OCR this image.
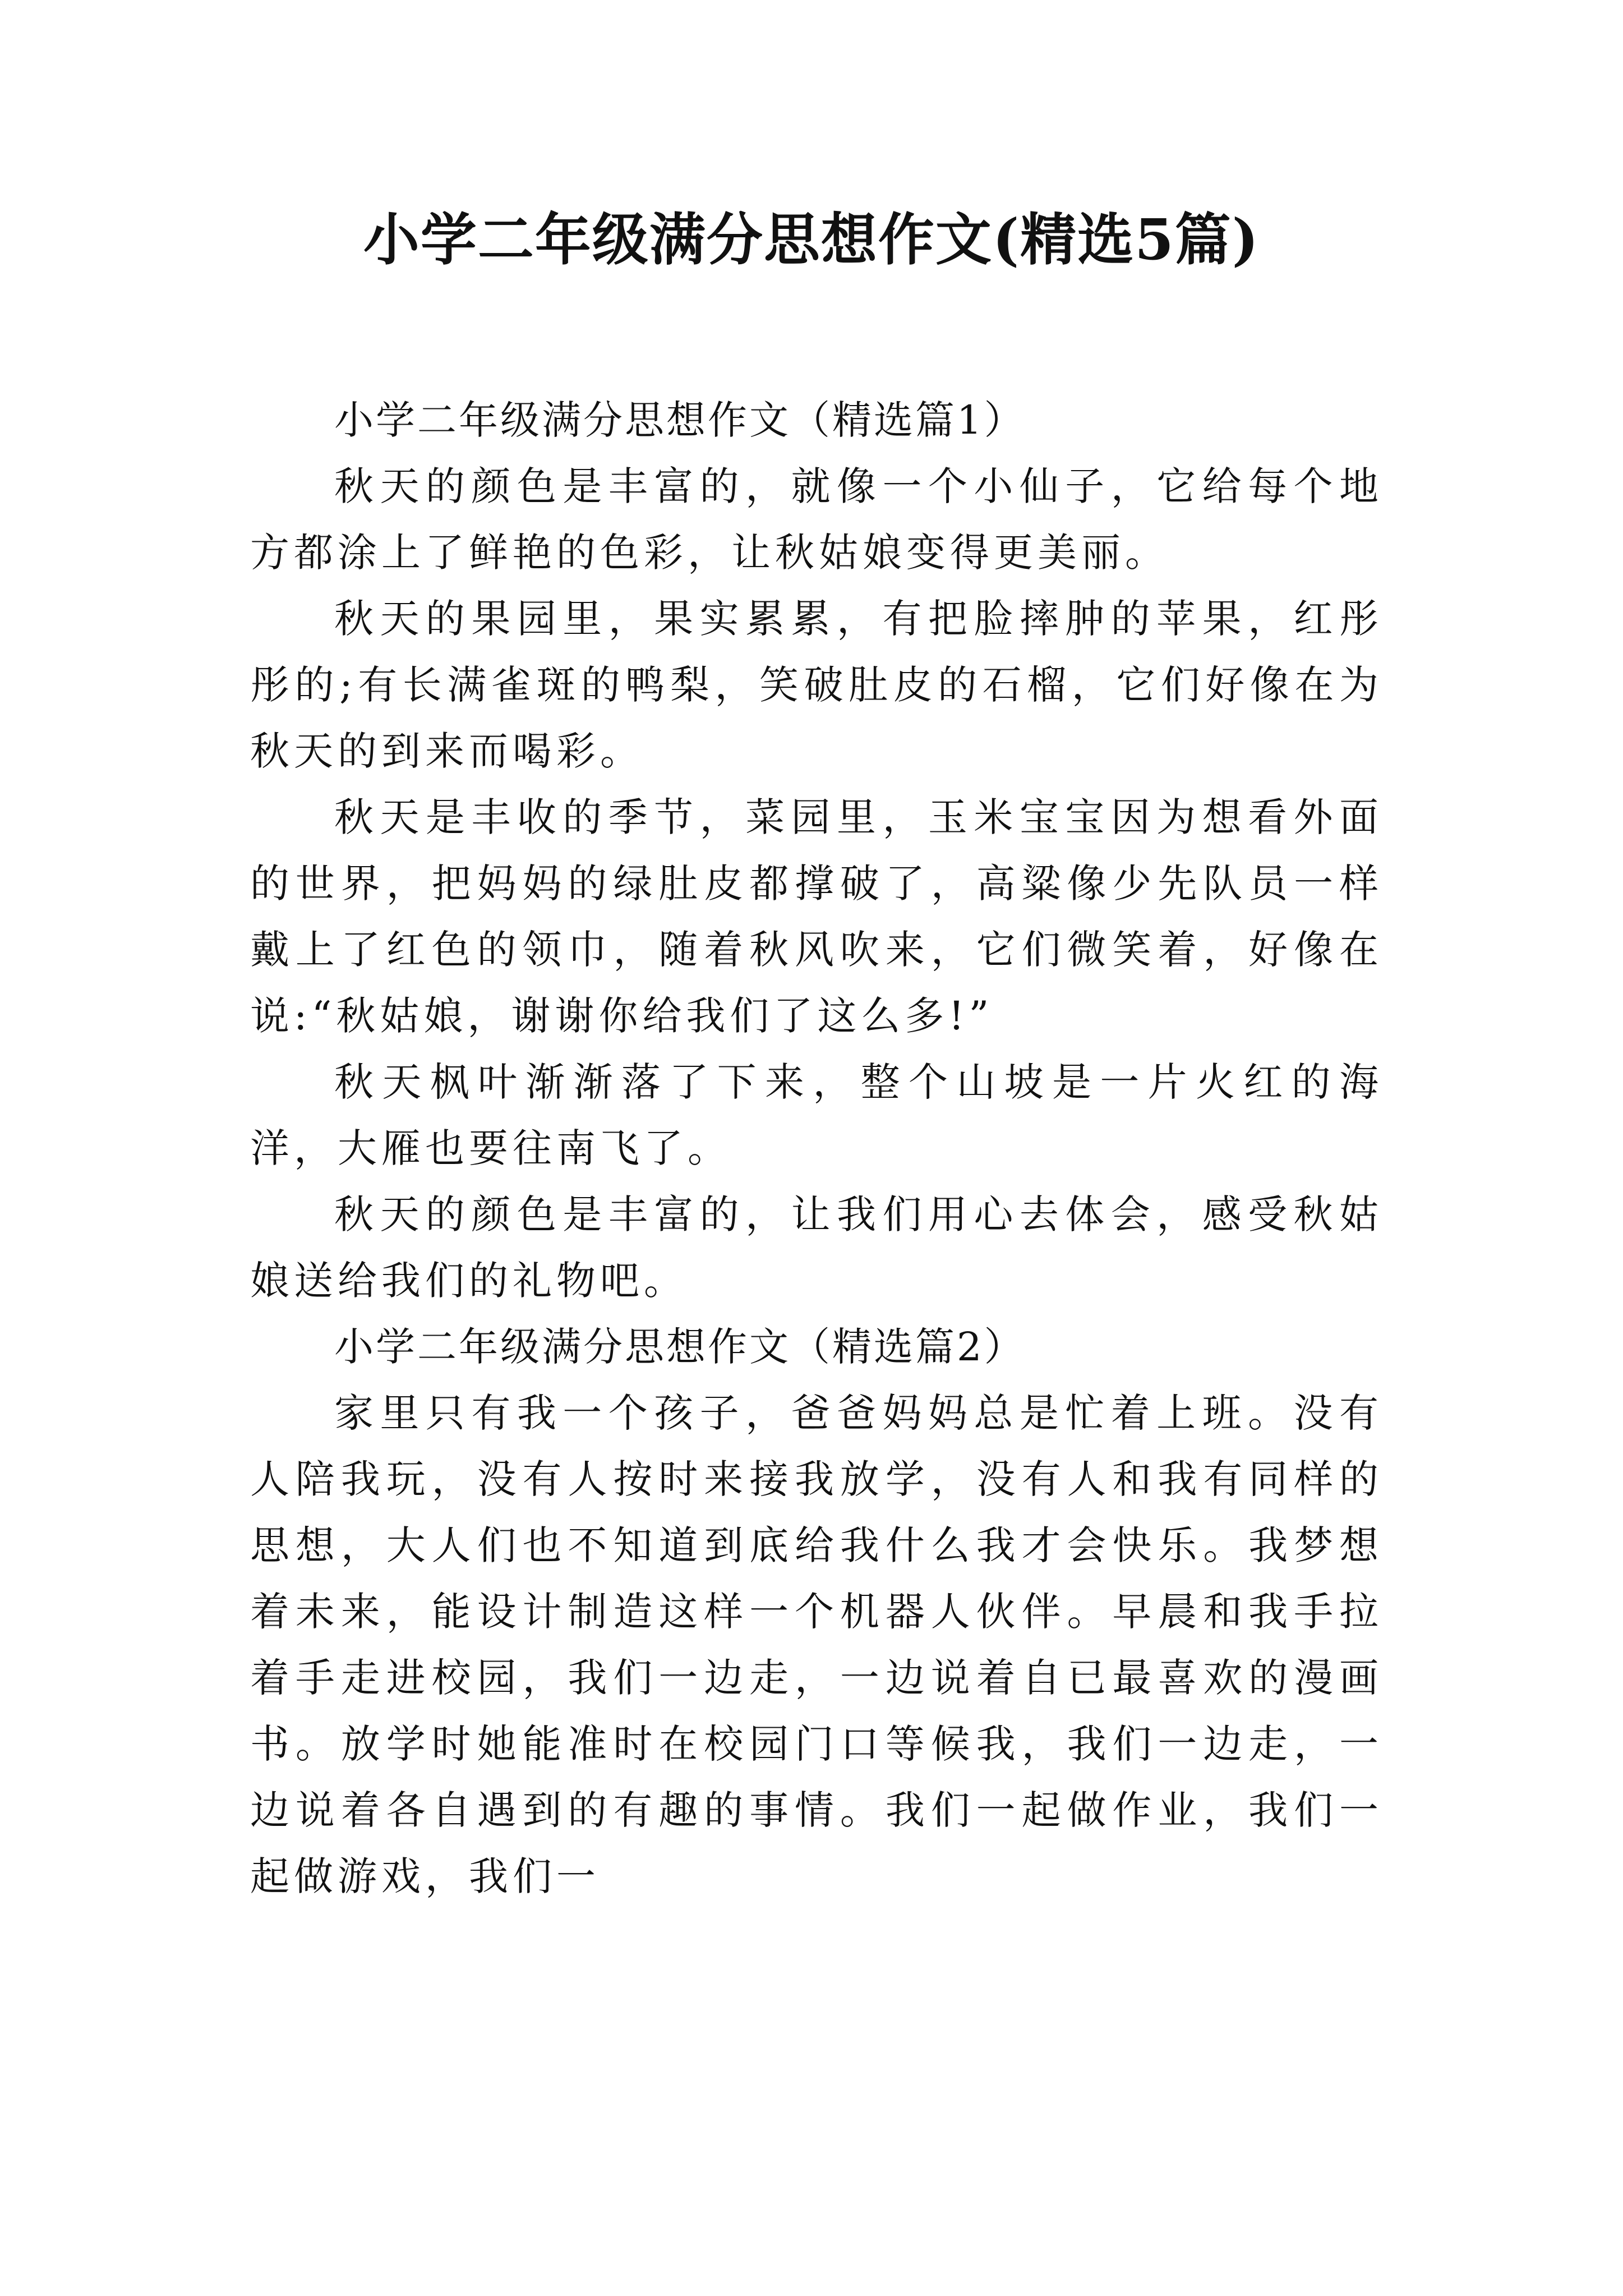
小学二年级满分思想作文(精选5篇)

小学二年级满分思想作文（精选篇1）

秋天的颜色是丰富的，就像一个小仙子，它给每个地方都涂上了鲜艳的色彩，让秋姑娘变得更美丽。

秋天的果园里，果实累累，有把脸摔肿的苹果，红彤彤的;有长满雀斑的鸭梨，笑破肚皮的石榴，它们好像在为秋天的到来而喝彩。

秋天是丰收的季节，菜园里，玉米宝宝因为想看外面的世界，把妈妈的绿肚皮都撑破了，高粱像少先队员一样戴上了红色的领巾，随着秋风吹来，它们微笑着，好像在说:“秋姑娘，谢谢你给我们了这么多!”

秋天枫叶渐渐落了下来，整个山坡是一片火红的海洋，大雁也要往南飞了。

秋天的颜色是丰富的，让我们用心去体会，感受秋姑娘送给我们的礼物吧。

小学二年级满分思想作文（精选篇2）

家里只有我一个孩子，爸爸妈妈总是忙着上班。没有人陪我玩，没有人按时来接我放学，没有人和我有同样的思想，大人们也不知道到底给我什么我才会快乐。我梦想着未来，能设计制造这样一个机器人伙伴。早晨和我手拉着手走进校园，我们一边走，一边说着自已最喜欢的漫画书。放学时她能准时在校园门口等候我，我们一边走，一边说着各自遇到的有趣的事情。我们一起做作业，我们一起做游戏，我们一
